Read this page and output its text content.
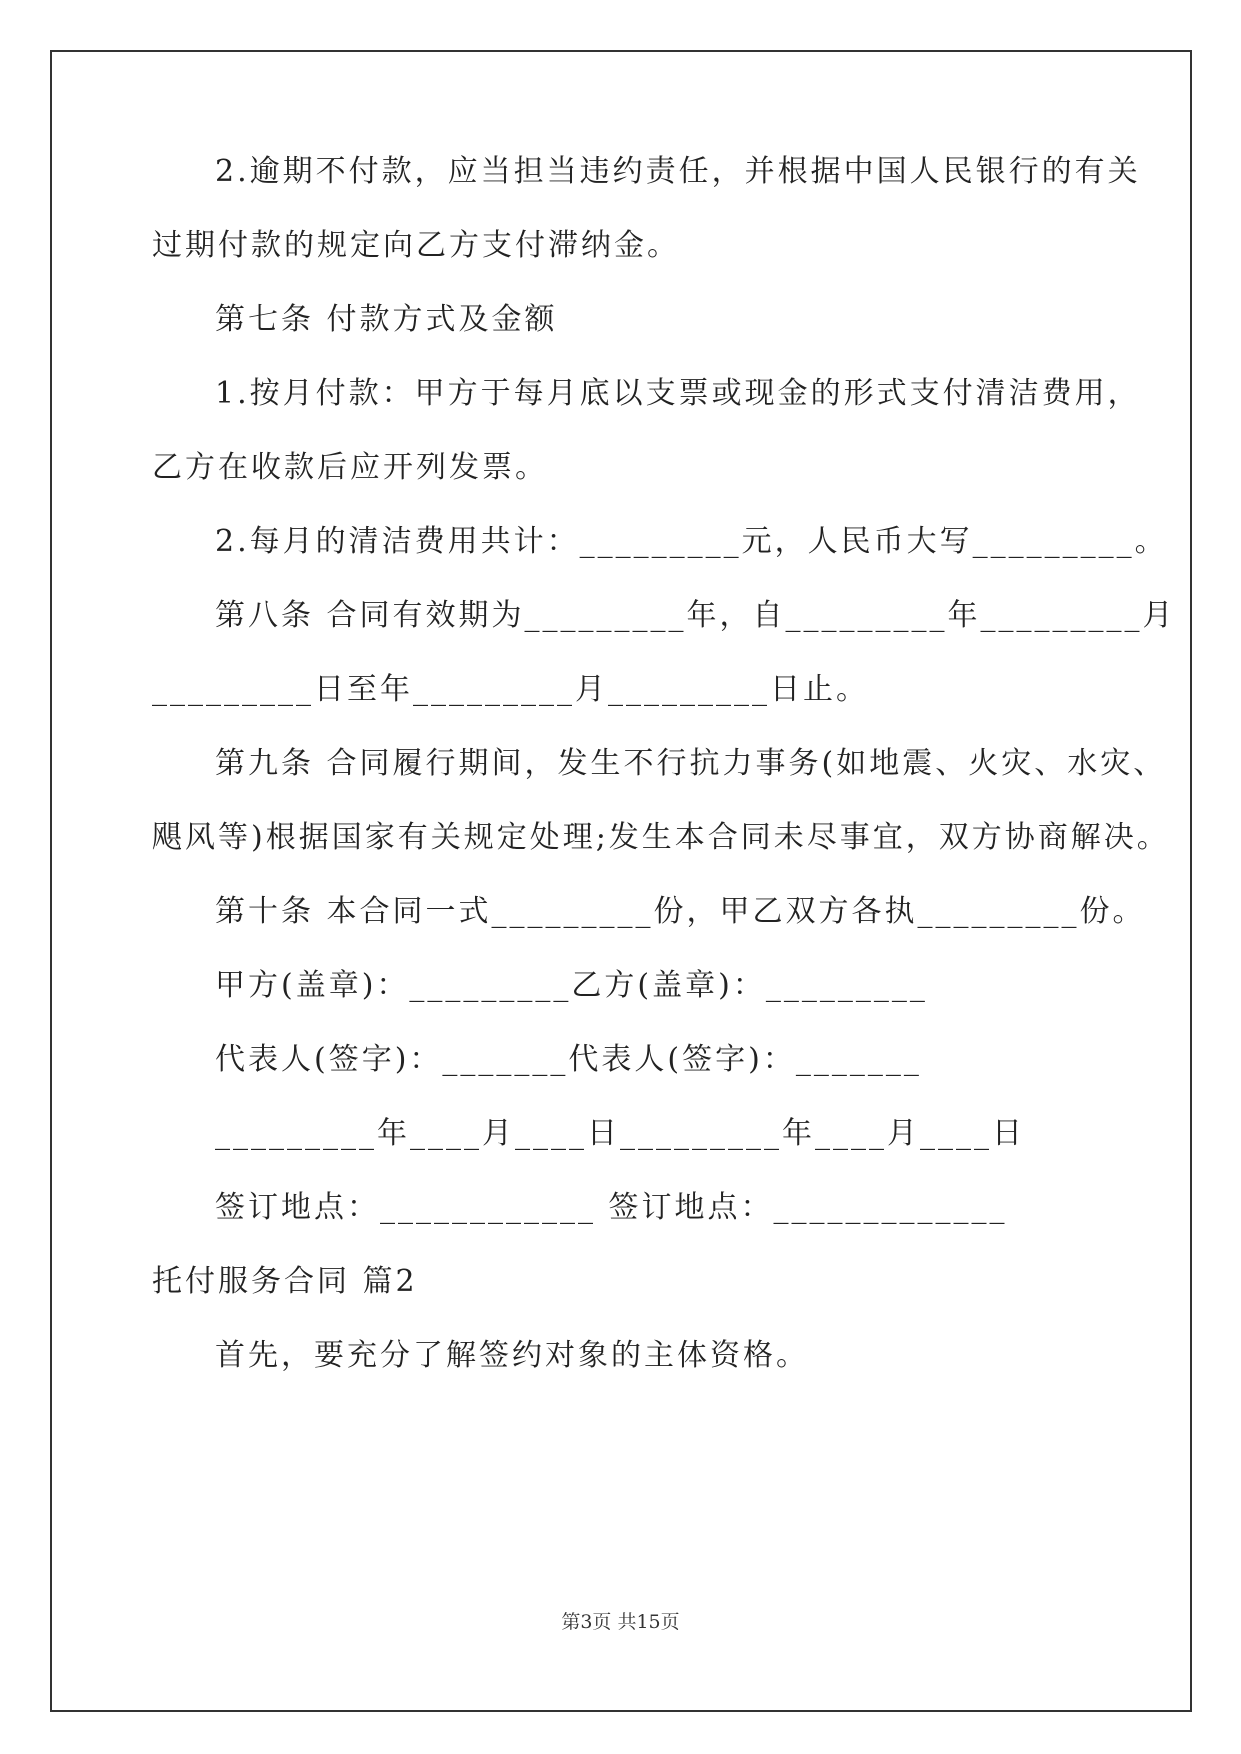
2.逾期不付款，应当担当违约责任，并根据中国人民银行的有关
过期付款的规定向乙方支付滞纳金。
第七条 付款方式及金额
1.按月付款：甲方于每月底以支票或现金的形式支付清洁费用，
乙方在收款后应开列发票。
2.每月的清洁费用共计：_________元，人民币大写_________。
第八条 合同有效期为_________年，自_________年_________月
_________日至年_________月_________日止。
第九条 合同履行期间，发生不行抗力事务(如地震、火灾、水灾、
飓风等)根据国家有关规定处理;发生本合同未尽事宜，双方协商解决。
第十条 本合同一式_________份，甲乙双方各执_________份。
甲方(盖章)：_________乙方(盖章)：_________
代表人(签字)：_______代表人(签字)：_______
_________年____月____日_________年____月____日
签订地点：____________ 签订地点：_____________
托付服务合同 篇2
首先，要充分了解签约对象的主体资格。
第3页 共15页
